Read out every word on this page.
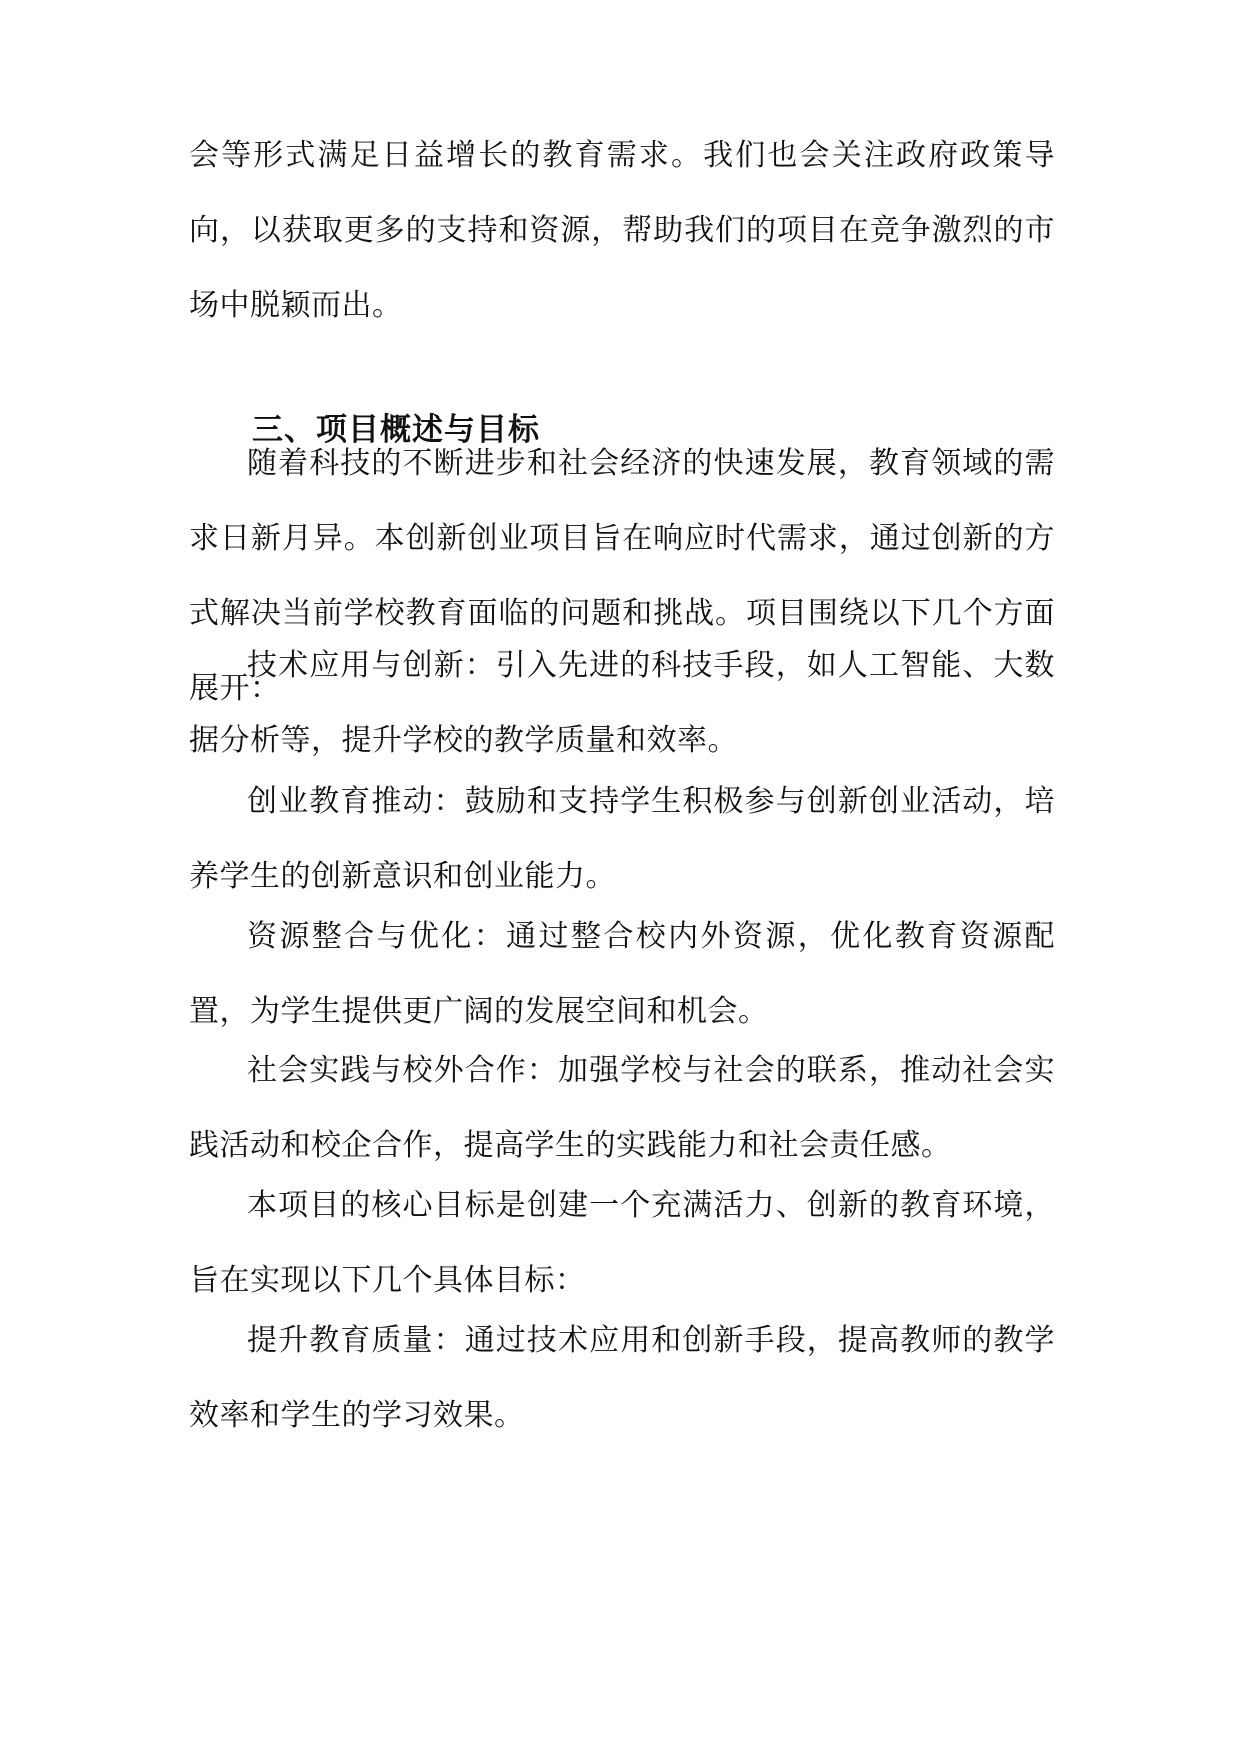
会等形式满足日益增长的教育需求。我们也会关注政府政策导向，以获取更多的支持和资源，帮助我们的项目在竞争激烈的市场中脱颖而出。

三、项目概述与目标

随着科技的不断进步和社会经济的快速发展，教育领域的需求日新月异。本创新创业项目旨在响应时代需求，通过创新的方式解决当前学校教育面临的问题和挑战。项目围绕以下几个方面展开：

技术应用与创新：引入先进的科技手段，如人工智能、大数据分析等，提升学校的教学质量和效率。

创业教育推动：鼓励和支持学生积极参与创新创业活动，培养学生的创新意识和创业能力。

资源整合与优化：通过整合校内外资源，优化教育资源配置，为学生提供更广阔的发展空间和机会。

社会实践与校外合作：加强学校与社会的联系，推动社会实践活动和校企合作，提高学生的实践能力和社会责任感。

本项目的核心目标是创建一个充满活力、创新的教育环境，旨在实现以下几个具体目标：

提升教育质量：通过技术应用和创新手段，提高教师的教学效率和学生的学习效果。
